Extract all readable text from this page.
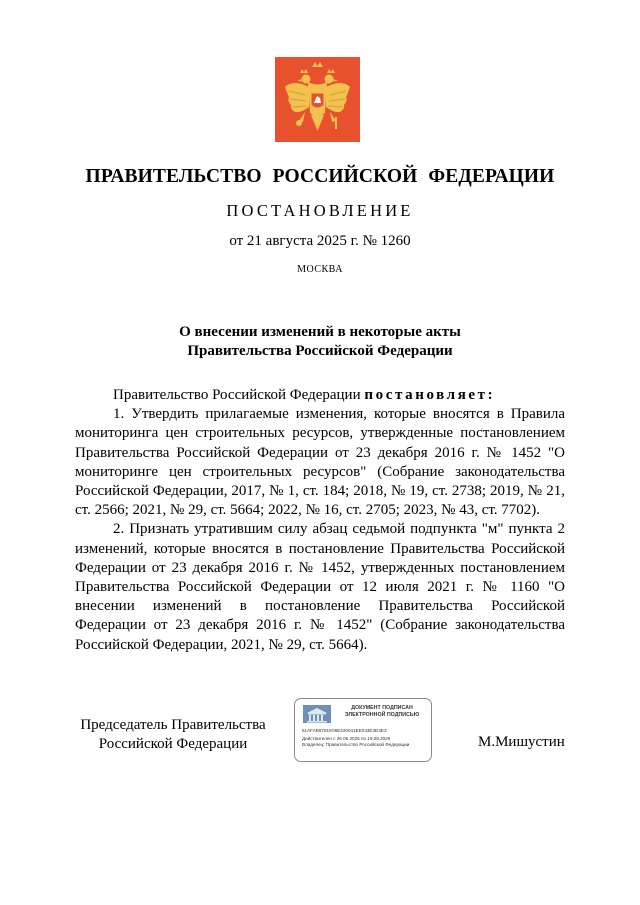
ПРАВИТЕЛЬСТВО РОССИЙСКОЙ ФЕДЕРАЦИИ
ПОСТАНОВЛЕНИЕ
от 21 августа 2025 г. № 1260
МОСКВА
О внесении изменений в некоторые акты
Правительства Российской Федерации

Правительство Российской Федерации постановляет:

1. Утвердить прилагаемые изменения, которые вносятся в Правила мониторинга цен строительных ресурсов, утвержденные постановлением Правительства Российской Федерации от 23 декабря 2016 г. № 1452 "О мониторинге цен строительных ресурсов" (Собрание законодательства Российской Федерации, 2017, № 1, ст. 184; 2018, № 19, ст. 2738; 2019, № 21, ст. 2566; 2021, № 29, ст. 5664; 2022, № 16, ст. 2705; 2023, № 43, ст. 7702).

2. Признать утратившим силу абзац седьмой подпункта "м" пункта 2 изменений, которые вносятся в постановление Правительства Российской Федерации от 23 декабря 2016 г. № 1452, утвержденных постановлением Правительства Российской Федерации от 12 июля 2021 г. № 1160 "О внесении изменений в постановление Правительства Российской Федерации от 23 декабря 2016 г. № 1452" (Собрание законодательства Российской Федерации, 2021, № 29, ст. 5664).

Председатель Правительства
Российской Федерации
ДОКУМЕНТ ПОДПИСАН
ЭЛЕКТРОННОЙ ПОДПИСЬЮ
51AFAB8781E06E420041EE043E3D3E3
Действителен с 26.06.2025 по 19.09.2026
Владелец: Правительство Российской Федерации	М.Мишустин
